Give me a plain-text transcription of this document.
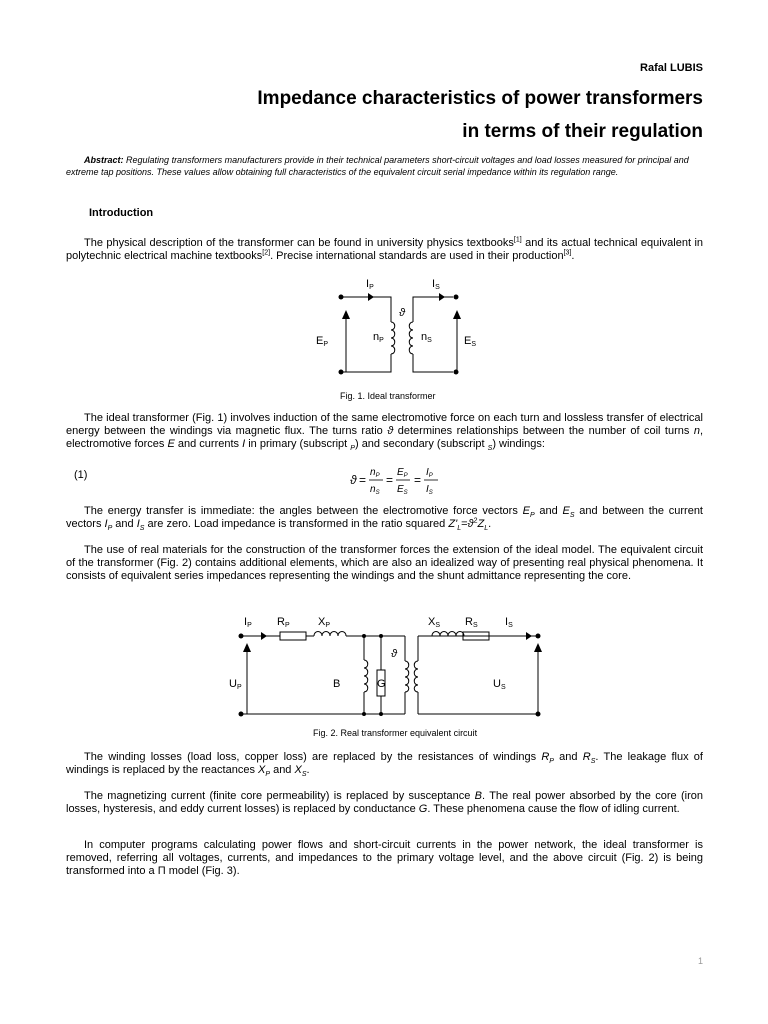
Rafal LUBIS
Impedance characteristics of power transformers
in terms of their regulation
Abstract: Regulating transformers manufacturers provide in their technical parameters short-circuit voltages and load losses measured for principal and extreme tap positions. These values allow obtaining full characteristics of the equivalent circuit serial impedance within its regulation range.
Introduction

The physical description of the transformer can be found in university physics textbooks[1] and its actual technical equivalent in polytechnic electrical machine textbooks[2]. Precise international standards are used in their production[3].

IP	IS
ϑ
EP	ES
nP	nS
Fig. 1. Ideal transformer

The ideal transformer (Fig. 1) involves induction of the same electromotive force on each turn and lossless transfer of electrical energy between the windings via magnetic flux. The turns ratio ϑ determines relationships between the number of coil turns n, electromotive forces E and currents I in primary (subscript $_P$) and secondary (subscript $_S$) windings:

(1)	ϑ =
$n_P$
$n_S$
=
$E_P$
$E_S$
=
$I_P$
$I_S$

The energy transfer is immediate: the angles between the electromotive force vectors $E_P$ and $E_S$ and between the current vectors $I_P$ and $I_S$ are zero. Load impedance is transformed in the ratio squared $Z'_L=ϑ^2Z_L$.

The use of real materials for the construction of the transformer forces the extension of the ideal model. The equivalent circuit of the transformer (Fig. 2) contains additional elements, which are also an idealized way of presenting real physical phenomena. It consists of equivalent series impedances representing the windings and the shunt admittance representing the core.

IP RP	XP	XS RS IS
UP	US
B	G
ϑ
Fig. 2. Real transformer equivalent circuit

The winding losses (load loss, copper loss) are replaced by the resistances of windings $R_P$ and $R_S$. The leakage flux of windings is replaced by the reactances $X_P$ and $X_S$.

The magnetizing current (finite core permeability) is replaced by susceptance B. The real power absorbed by the core (iron losses, hysteresis, and eddy current losses) is replaced by conductance G. These phenomena cause the flow of idling current.

In computer programs calculating power flows and short-circuit currents in the power network, the ideal transformer is removed, referring all voltages, currents, and impedances to the primary voltage level, and the above circuit (Fig. 2) is being transformed into a Π model (Fig. 3).

1
